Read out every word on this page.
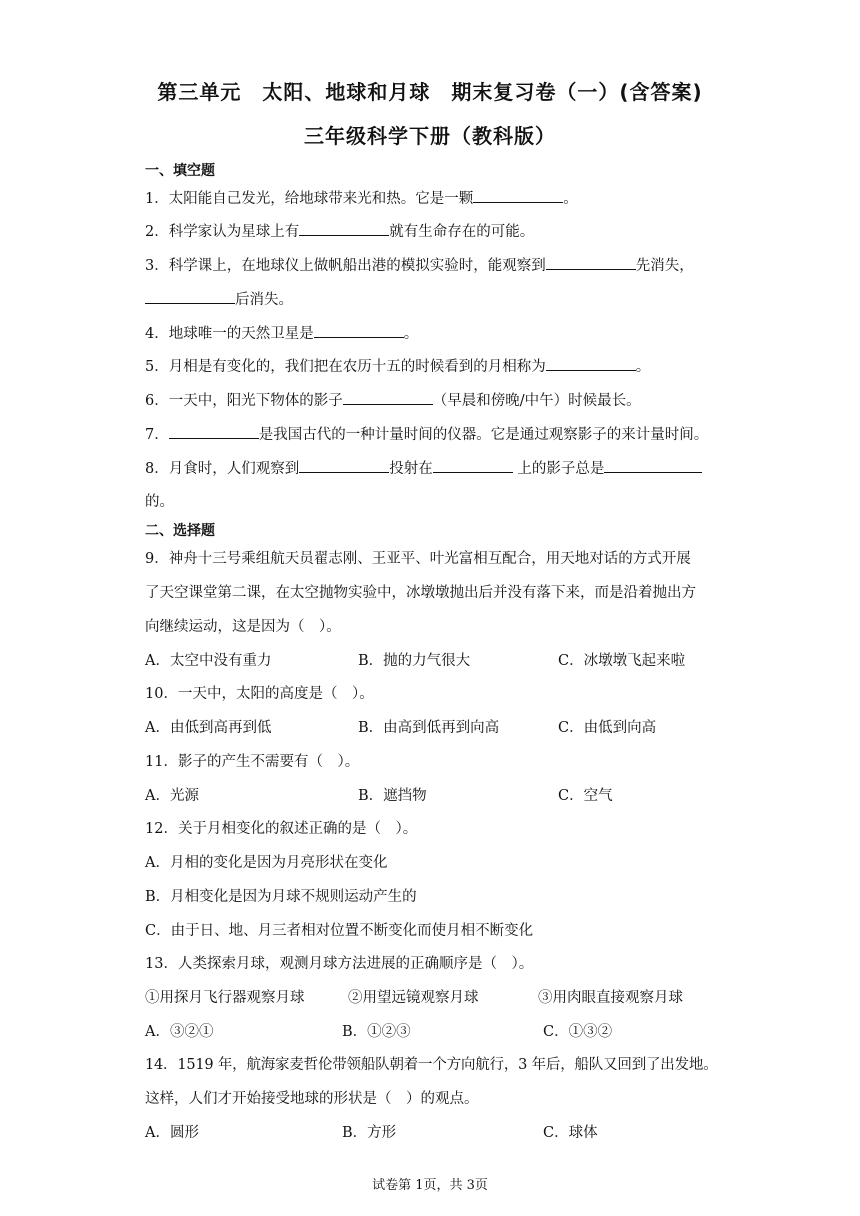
第三单元　太阳、地球和月球　期末复习卷（一）(含答案)
三年级科学下册（教科版）
一、填空题
1．太阳能自己发光，给地球带来光和热。它是一颗	。
2．科学家认为星球上有	就有生命存在的可能。
3．科学课上，在地球仪上做帆船出港的模拟实验时，能观察到	先消失，
后消失。
4．地球唯一的天然卫星是	。
5．月相是有变化的，我们把在农历十五的时候看到的月相称为	。
6．一天中，阳光下物体的影子	（早晨和傍晚/中午）时候最长。
7．	是我国古代的一种计量时间的仪器。它是通过观察影子的来计量时间。
8．月食时，人们观察到	投射在	上的影子总是
的。
二、选择题
9．神舟十三号乘组航天员翟志刚、王亚平、叶光富相互配合，用天地对话的方式开展
了天空课堂第二课，在太空抛物实验中，冰墩墩抛出后并没有落下来，而是沿着抛出方
向继续运动，这是因为（　）。
A．太空中没有重力	B．抛的力气很大	C．冰墩墩飞起来啦
10．一天中，太阳的高度是（　）。
A．由低到高再到低	B．由高到低再到向高	C．由低到向高
11．影子的产生不需要有（　）。
A．光源	B．遮挡物	C．空气
12．关于月相变化的叙述正确的是（　）。
A．月相的变化是因为月亮形状在变化
B．月相变化是因为月球不规则运动产生的
C．由于日、地、月三者相对位置不断变化而使月相不断变化
13．人类探索月球，观测月球方法进展的正确顺序是（　）。
①用探月飞行器观察月球	②用望远镜观察月球	③用肉眼直接观察月球
A．③②①	B．①②③	C．①③②
14．1519 年，航海家麦哲伦带领船队朝着一个方向航行，3 年后，船队又回到了出发地。
这样，人们才开始接受地球的形状是（　）的观点。
A．圆形	B．方形	C．球体
试卷第 1页，共 3页
